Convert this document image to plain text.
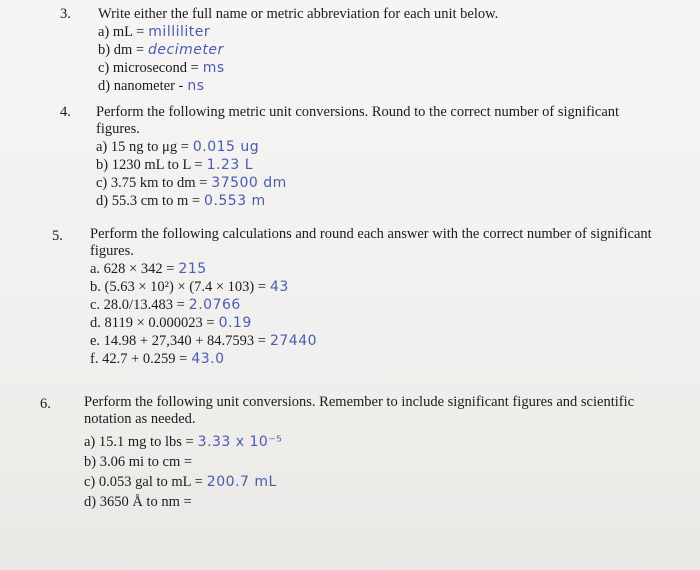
3. Write either the full name or metric abbreviation for each unit below.
a) mL = milliliter
b) dm = decimeter
c) microsecond = ms
d) nanometer - ns
4. Perform the following metric unit conversions. Round to the correct number of significant
figures.
a) 15 ng to μg = 0.015 ug
b) 1230 mL to L = 1.23 L
c) 3.75 km to dm = 37500 dm
d) 55.3 cm to m = 0.553 m
5. Perform the following calculations and round each answer with the correct number of significant
figures.
a. 628 × 342 = 215
b. (5.63 × 10²) × (7.4 × 103) = 43
c. 28.0/13.483 = 2.0766
d. 8119 × 0.000023 = 0.19
e. 14.98 + 27,340 + 84.7593 = 27440
f. 42.7 + 0.259 = 43.0
6. Perform the following unit conversions. Remember to include significant figures and scientific
notation as needed.
a) 15.1 mg to lbs = 3.33 x 10⁻⁵
b) 3.06 mi to cm =
c) 0.053 gal to mL = 200.7 mL
d) 3650 Å to nm =
